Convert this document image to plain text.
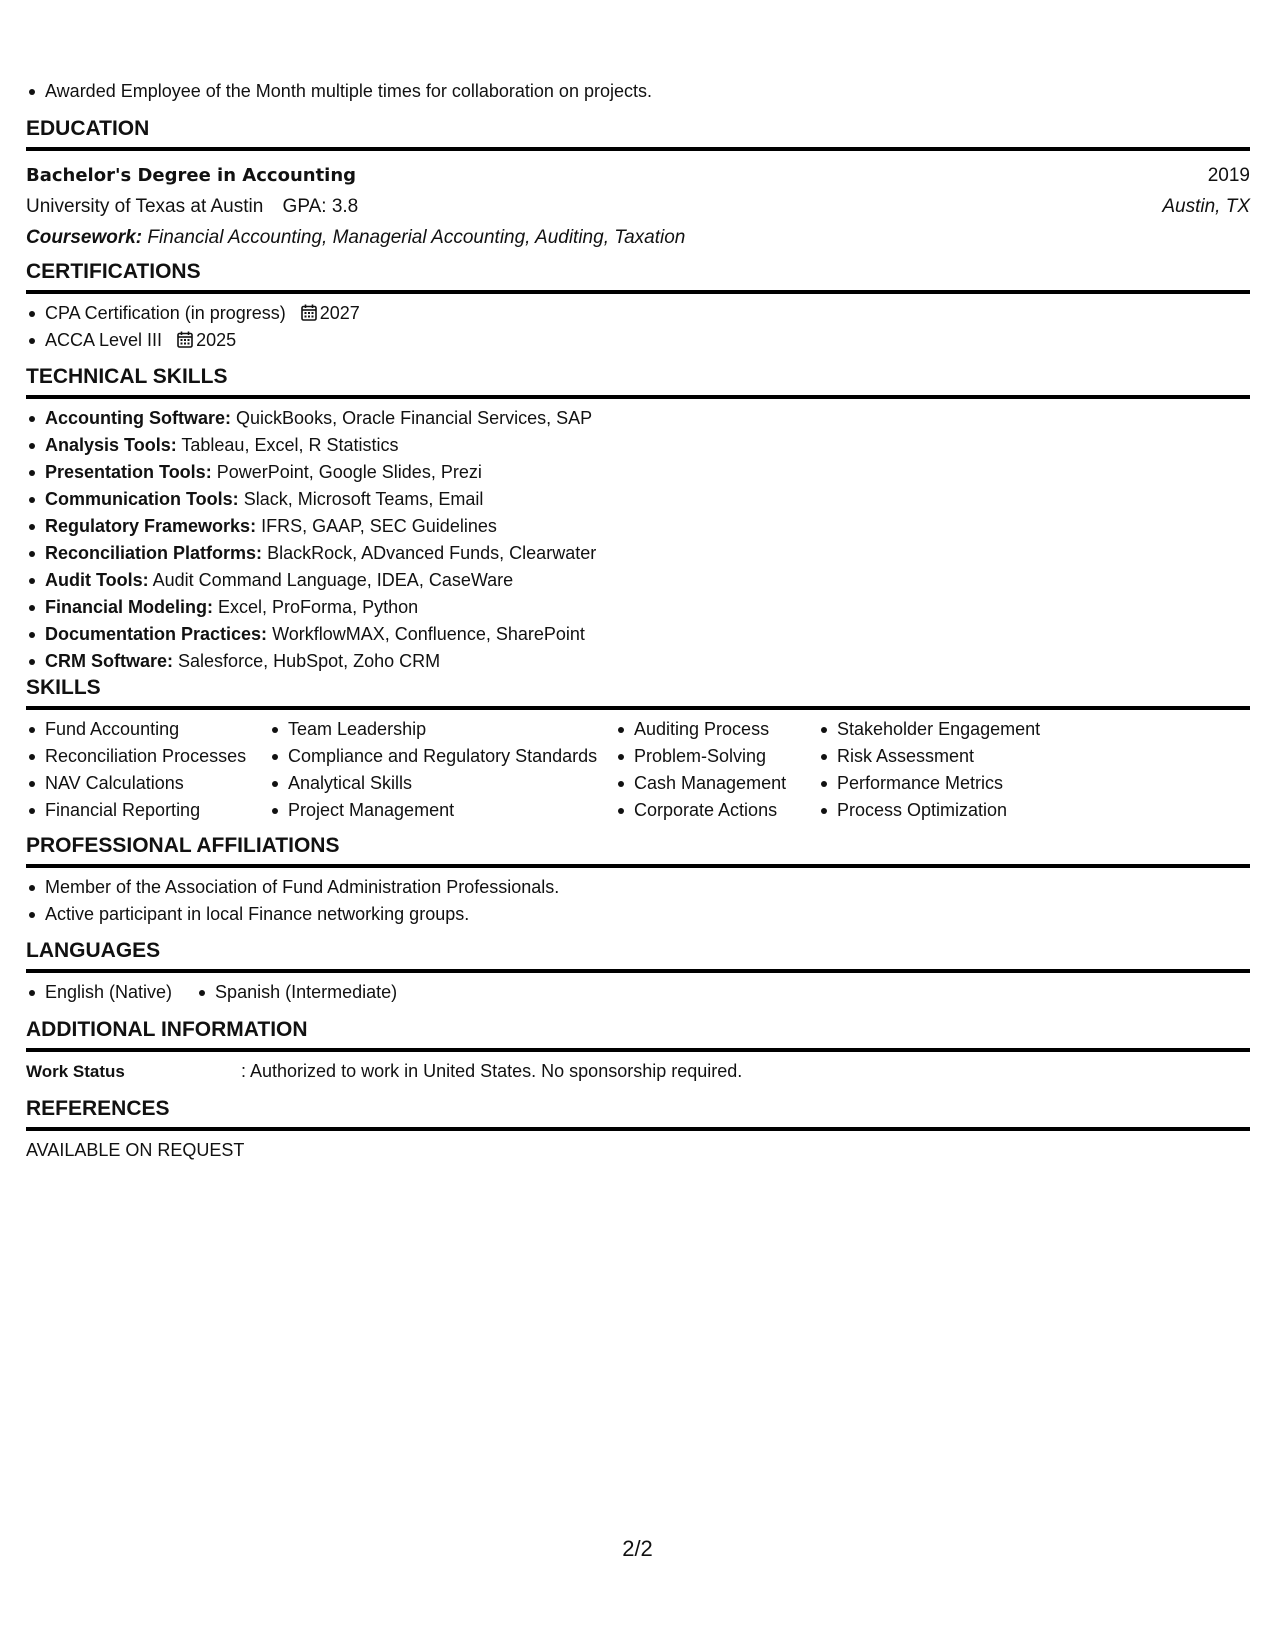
Awarded Employee of the Month multiple times for collaboration on projects.
EDUCATION
Bachelor's Degree in Accounting	2019
University of Texas at Austin GPA: 3.8	Austin, TX
Coursework: Financial Accounting, Managerial Accounting, Auditing, Taxation
CERTIFICATIONS
CPA Certification (in progress) 2027
ACCA Level III 2025
TECHNICAL SKILLS
Accounting Software: QuickBooks, Oracle Financial Services, SAP
Analysis Tools: Tableau, Excel, R Statistics
Presentation Tools: PowerPoint, Google Slides, Prezi
Communication Tools: Slack, Microsoft Teams, Email
Regulatory Frameworks: IFRS, GAAP, SEC Guidelines
Reconciliation Platforms: BlackRock, ADvanced Funds, Clearwater
Audit Tools: Audit Command Language, IDEA, CaseWare
Financial Modeling: Excel, ProForma, Python
Documentation Practices: WorkflowMAX, Confluence, SharePoint
CRM Software: Salesforce, HubSpot, Zoho CRM
SKILLS
Fund Accounting
Reconciliation Processes
NAV Calculations
Financial Reporting
Team Leadership
Compliance and Regulatory Standards
Analytical Skills
Project Management
Auditing Process
Problem-Solving
Cash Management
Corporate Actions
Stakeholder Engagement
Risk Assessment
Performance Metrics
Process Optimization
PROFESSIONAL AFFILIATIONS
Member of the Association of Fund Administration Professionals.
Active participant in local Finance networking groups.
LANGUAGES
English (Native)	Spanish (Intermediate)
ADDITIONAL INFORMATION
Work Status	: Authorized to work in United States. No sponsorship required.
REFERENCES
AVAILABLE ON REQUEST
2/2
